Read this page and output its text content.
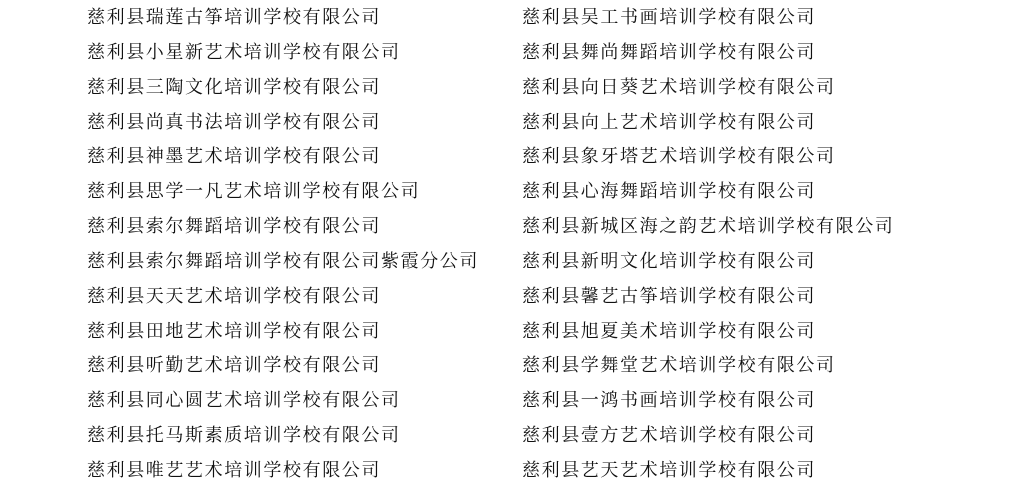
慈利县瑞莲古筝培训学校有限公司
慈利县小星新艺术培训学校有限公司
慈利县三陶文化培训学校有限公司
慈利县尚真书法培训学校有限公司
慈利县神墨艺术培训学校有限公司
慈利县思学一凡艺术培训学校有限公司
慈利县索尔舞蹈培训学校有限公司
慈利县索尔舞蹈培训学校有限公司紫霞分公司
慈利县天天艺术培训学校有限公司
慈利县田地艺术培训学校有限公司
慈利县听勤艺术培训学校有限公司
慈利县同心圆艺术培训学校有限公司
慈利县托马斯素质培训学校有限公司
慈利县唯艺艺术培训学校有限公司
慈利县吴工书画培训学校有限公司
慈利县舞尚舞蹈培训学校有限公司
慈利县向日葵艺术培训学校有限公司
慈利县向上艺术培训学校有限公司
慈利县象牙塔艺术培训学校有限公司
慈利县心海舞蹈培训学校有限公司
慈利县新城区海之韵艺术培训学校有限公司
慈利县新明文化培训学校有限公司
慈利县馨艺古筝培训学校有限公司
慈利县旭夏美术培训学校有限公司
慈利县学舞堂艺术培训学校有限公司
慈利县一鸿书画培训学校有限公司
慈利县壹方艺术培训学校有限公司
慈利县艺天艺术培训学校有限公司
